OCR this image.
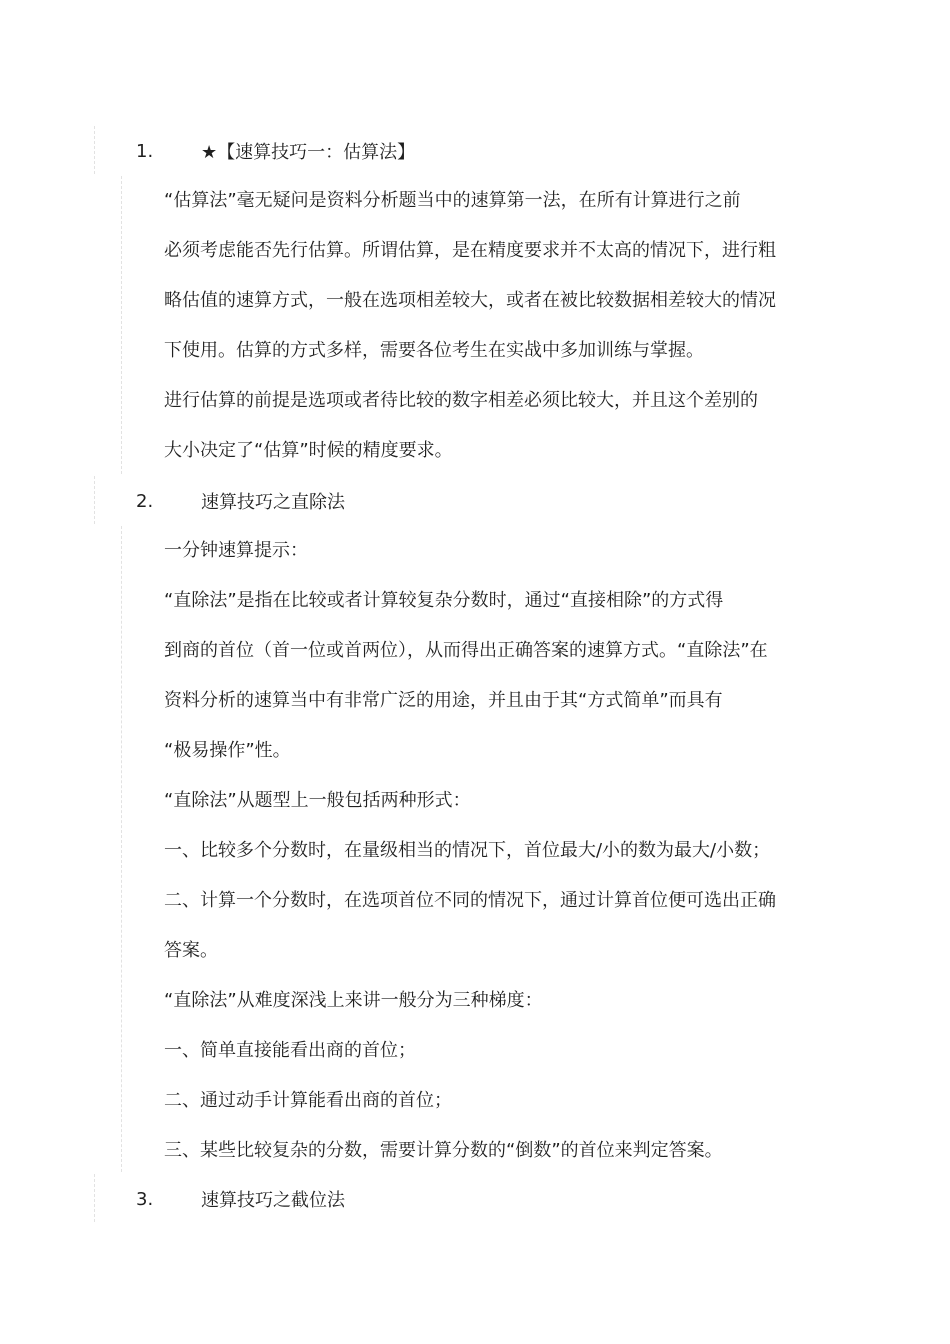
1.	★【速算技巧一：估算法】

“估算法”毫无疑问是资料分析题当中的速算第一法，在所有计算进行之前
必须考虑能否先行估算。所谓估算，是在精度要求并不太高的情况下，进行粗
略估值的速算方式，一般在选项相差较大，或者在被比较数据相差较大的情况
下使用。估算的方式多样，需要各位考生在实战中多加训练与掌握。

进行估算的前提是选项或者待比较的数字相差必须比较大，并且这个差别的
大小决定了“估算”时候的精度要求。

2.	速算技巧之直除法

一分钟速算提示：

“直除法”是指在比较或者计算较复杂分数时，通过“直接相除”的方式得
到商的首位（首一位或首两位），从而得出正确答案的速算方式。“直除法”在
资料分析的速算当中有非常广泛的用途，并且由于其“方式简单”而具有
“极易操作”性。

“直除法”从题型上一般包括两种形式：

一、比较多个分数时，在量级相当的情况下，首位最大/小的数为最大/小数；

二、计算一个分数时，在选项首位不同的情况下，通过计算首位便可选出正确
答案。

“直除法”从难度深浅上来讲一般分为三种梯度：

一、简单直接能看出商的首位；

二、通过动手计算能看出商的首位；

三、某些比较复杂的分数，需要计算分数的“倒数”的首位来判定答案。

3.	速算技巧之截位法
